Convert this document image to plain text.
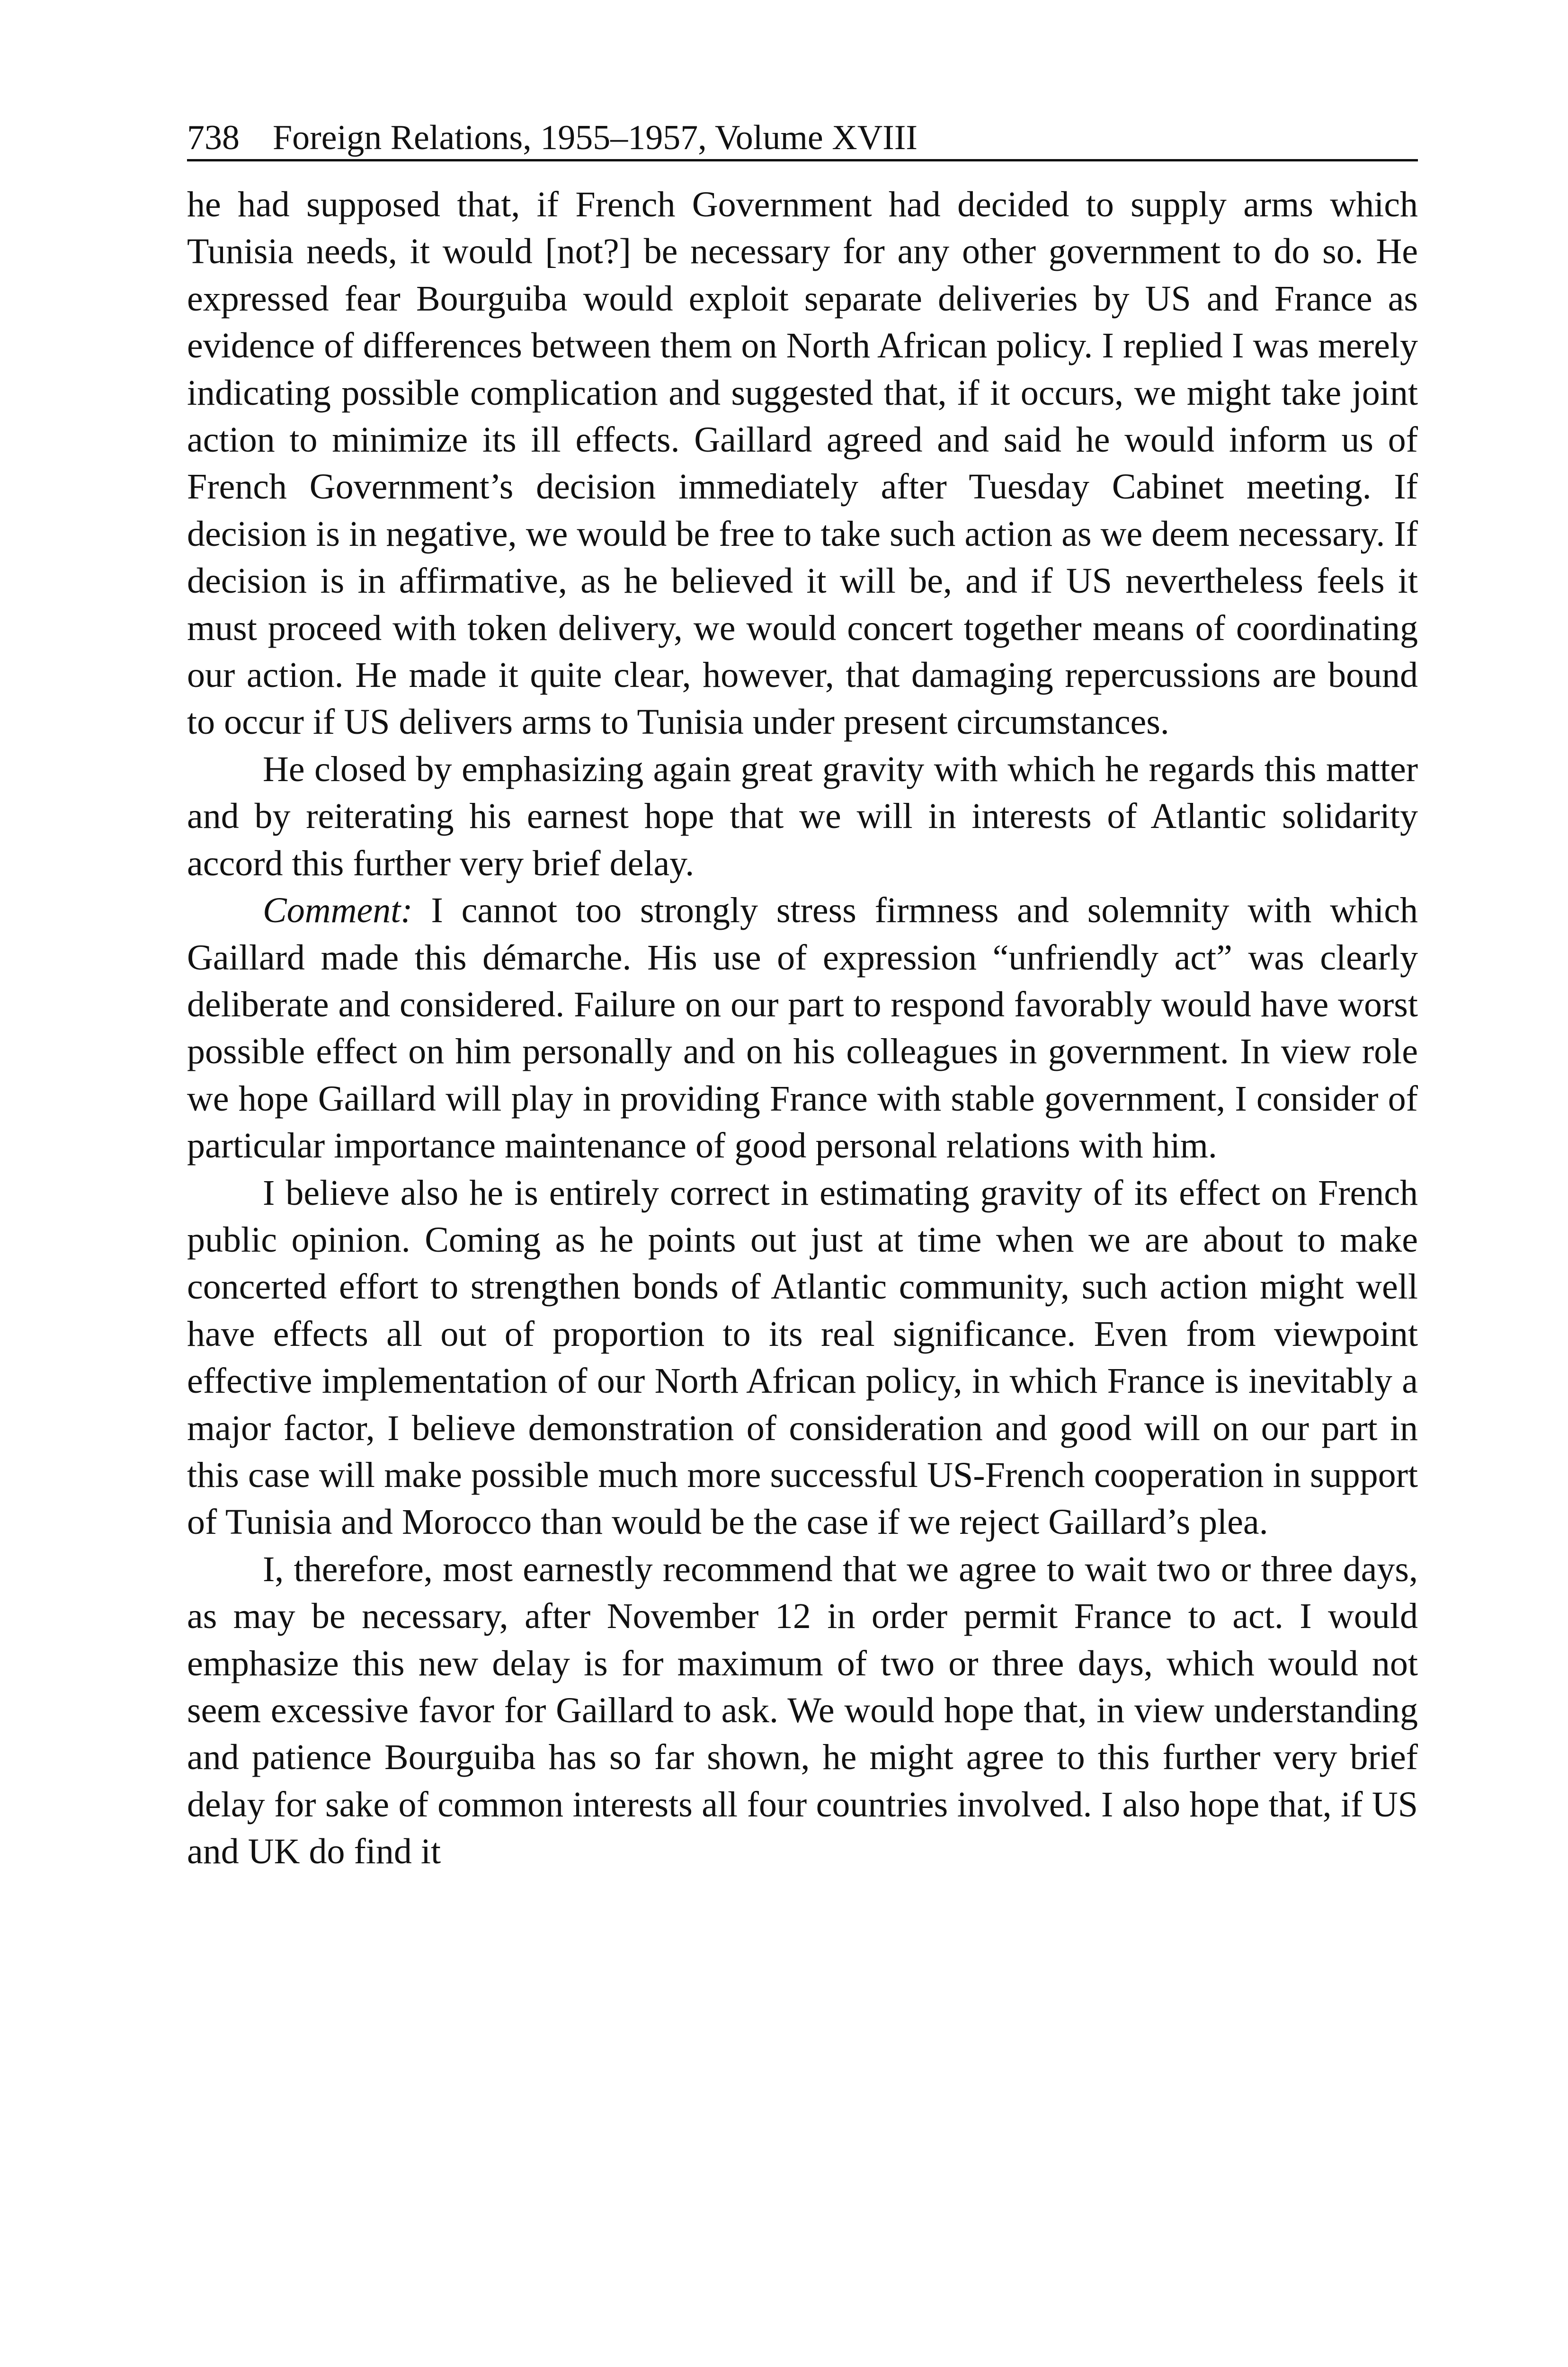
738 Foreign Relations, 1955–1957, Volume XVIII

he had supposed that, if French Government had decided to supply arms which Tunisia needs, it would [not?] be necessary for any other government to do so. He expressed fear Bourguiba would exploit separate deliveries by US and France as evidence of differences between them on North African policy. I replied I was merely indicating possible complication and suggested that, if it occurs, we might take joint action to minimize its ill effects. Gaillard agreed and said he would inform us of French Government’s decision immediately after Tuesday Cabinet meeting. If decision is in negative, we would be free to take such action as we deem necessary. If decision is in affirmative, as he believed it will be, and if US nevertheless feels it must proceed with token delivery, we would concert together means of coordinating our action. He made it quite clear, however, that damaging repercussions are bound to occur if US delivers arms to Tunisia under present circumstances.

He closed by emphasizing again great gravity with which he regards this matter and by reiterating his earnest hope that we will in interests of Atlantic solidarity accord this further very brief delay.

Comment: I cannot too strongly stress firmness and solemnity with which Gaillard made this démarche. His use of expression “unfriendly act” was clearly deliberate and considered. Failure on our part to respond favorably would have worst possible effect on him personally and on his colleagues in government. In view role we hope Gaillard will play in providing France with stable government, I consider of particular importance maintenance of good personal relations with him.

I believe also he is entirely correct in estimating gravity of its effect on French public opinion. Coming as he points out just at time when we are about to make concerted effort to strengthen bonds of Atlantic community, such action might well have effects all out of proportion to its real significance. Even from viewpoint effective implementation of our North African policy, in which France is inevitably a major factor, I believe demonstration of consideration and good will on our part in this case will make possible much more successful US-French cooperation in support of Tunisia and Morocco than would be the case if we reject Gaillard’s plea.

I, therefore, most earnestly recommend that we agree to wait two or three days, as may be necessary, after November 12 in order permit France to act. I would emphasize this new delay is for maximum of two or three days, which would not seem excessive favor for Gaillard to ask. We would hope that, in view understanding and patience Bourguiba has so far shown, he might agree to this further very brief delay for sake of common interests all four countries involved. I also hope that, if US and UK do find it
